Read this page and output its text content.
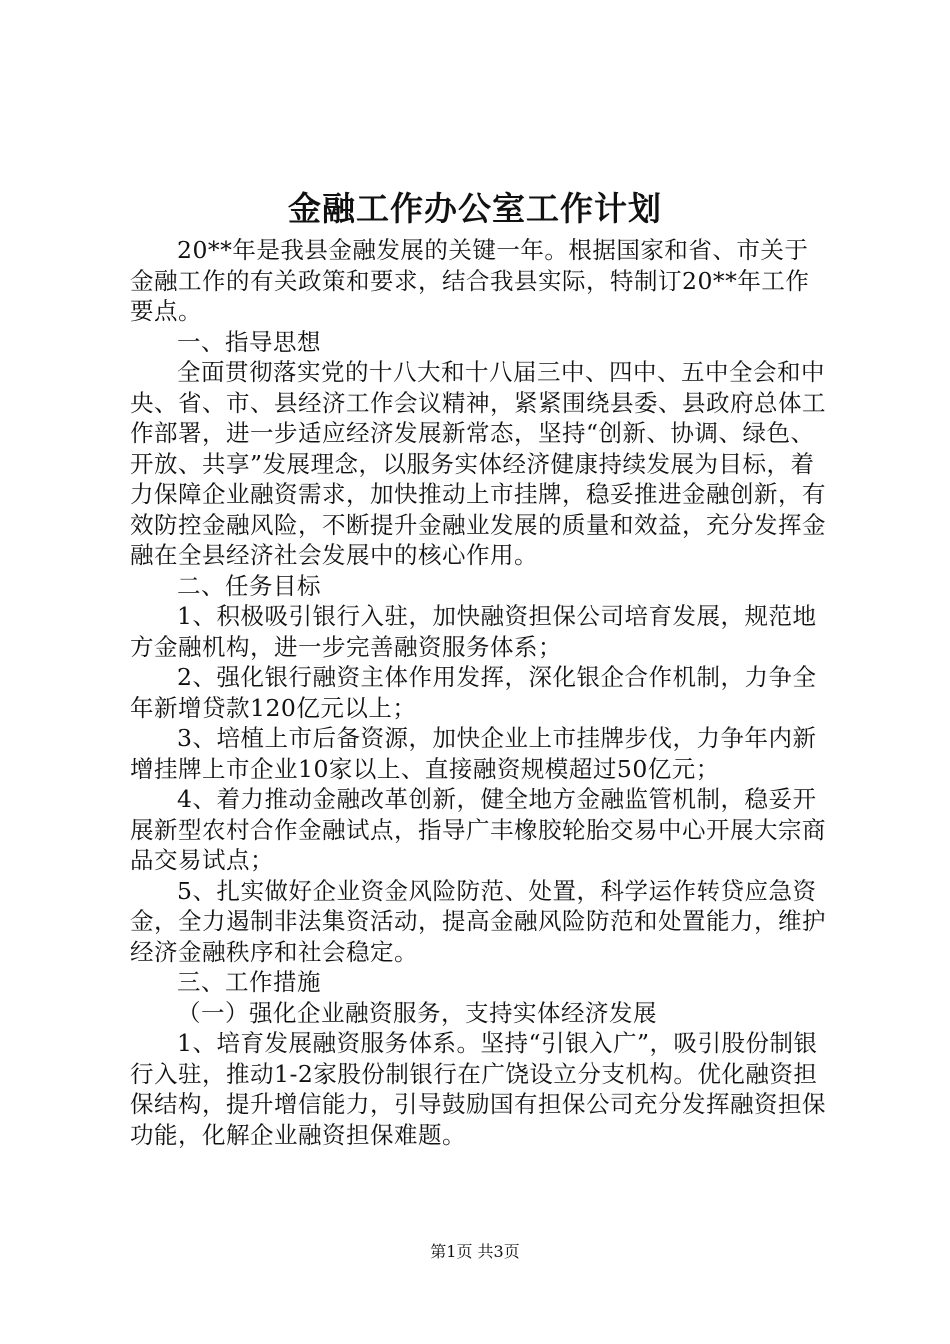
金融工作办公室工作计划

20**年是我县金融发展的关键一年。根据国家和省、市关于金融工作的有关政策和要求，结合我县实际，特制订20**年工作要点。

一、指导思想

全面贯彻落实党的十八大和十八届三中、四中、五中全会和中央、省、市、县经济工作会议精神，紧紧围绕县委、县政府总体工作部署，进一步适应经济发展新常态，坚持“创新、协调、绿色、开放、共享”发展理念，以服务实体经济健康持续发展为目标，着力保障企业融资需求，加快推动上市挂牌，稳妥推进金融创新，有效防控金融风险，不断提升金融业发展的质量和效益，充分发挥金融在全县经济社会发展中的核心作用。

二、任务目标

1、积极吸引银行入驻，加快融资担保公司培育发展，规范地方金融机构，进一步完善融资服务体系；

2、强化银行融资主体作用发挥，深化银企合作机制，力争全年新增贷款120亿元以上；

3、培植上市后备资源，加快企业上市挂牌步伐，力争年内新增挂牌上市企业10家以上、直接融资规模超过50亿元；

4、着力推动金融改革创新，健全地方金融监管机制，稳妥开展新型农村合作金融试点，指导广丰橡胶轮胎交易中心开展大宗商品交易试点；

5、扎实做好企业资金风险防范、处置，科学运作转贷应急资金，全力遏制非法集资活动，提高金融风险防范和处置能力，维护经济金融秩序和社会稳定。

三、工作措施

（一）强化企业融资服务，支持实体经济发展

1、培育发展融资服务体系。坚持“引银入广”，吸引股份制银行入驻，推动1-2家股份制银行在广饶设立分支机构。优化融资担保结构，提升增信能力，引导鼓励国有担保公司充分发挥融资担保功能，化解企业融资担保难题。

第1页 共3页
